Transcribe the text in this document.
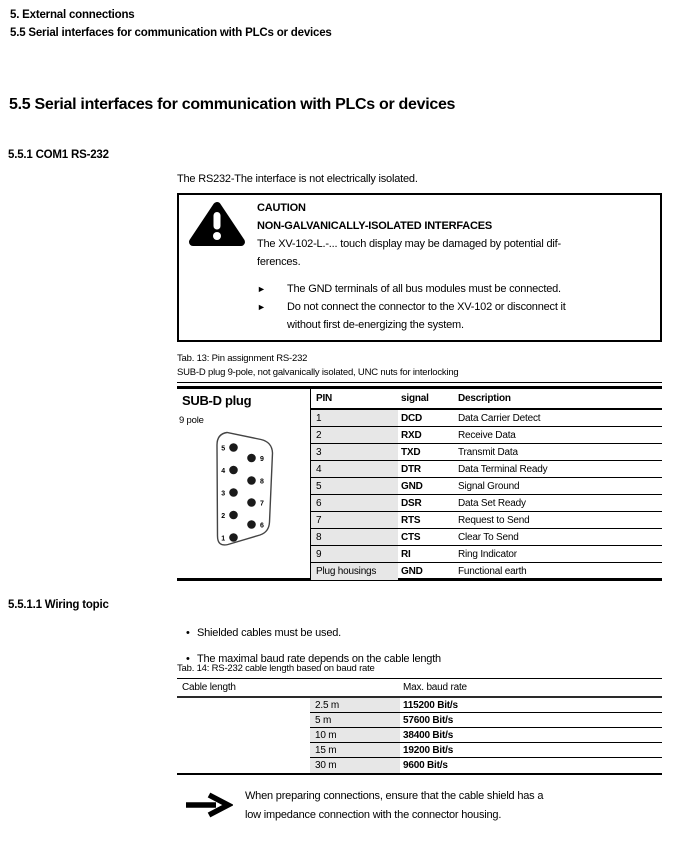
5. External connections
5.5 Serial interfaces for communication with PLCs or devices
5.5 Serial interfaces for communication with PLCs or devices
5.5.1 COM1 RS-232
The RS232-The interface is not electrically isolated.
CAUTION
NON-GALVANICALLY-ISOLATED INTERFACES
The XV-102-L.-... touch display may be damaged by potential dif-
ferences.
►	The GND terminals of all bus modules must be connected.
►	Do not connect the connector to the XV-102 or disconnect it
without first de-energizing the system.
Tab. 13: Pin assignment RS-232
SUB-D plug 9-pole, not galvanically isolated, UNC nuts for interlocking
SUB-D plug
9 pole
5
4
3
2
1
9
8
7
6
PIN	signal	Description
1	DCD	Data Carrier Detect
2	RXD	Receive Data
3	TXD	Transmit Data
4	DTR	Data Terminal Ready
5	GND	Signal Ground
6	DSR	Data Set Ready
7	RTS	Request to Send
8	CTS	Clear To Send
9	RI	Ring Indicator
Plug housings	GND	Functional earth
5.5.1.1 Wiring topic
• Shielded cables must be used.
• The maximal baud rate depends on the cable length
Tab. 14: RS-232 cable length based on baud rate
Cable length	Max. baud rate
2.5 m	115200 Bit/s
5 m	57600 Bit/s
10 m	38400 Bit/s
15 m	19200 Bit/s
30 m	9600 Bit/s
When preparing connections, ensure that the cable shield has a
low impedance connection with the connector housing.
